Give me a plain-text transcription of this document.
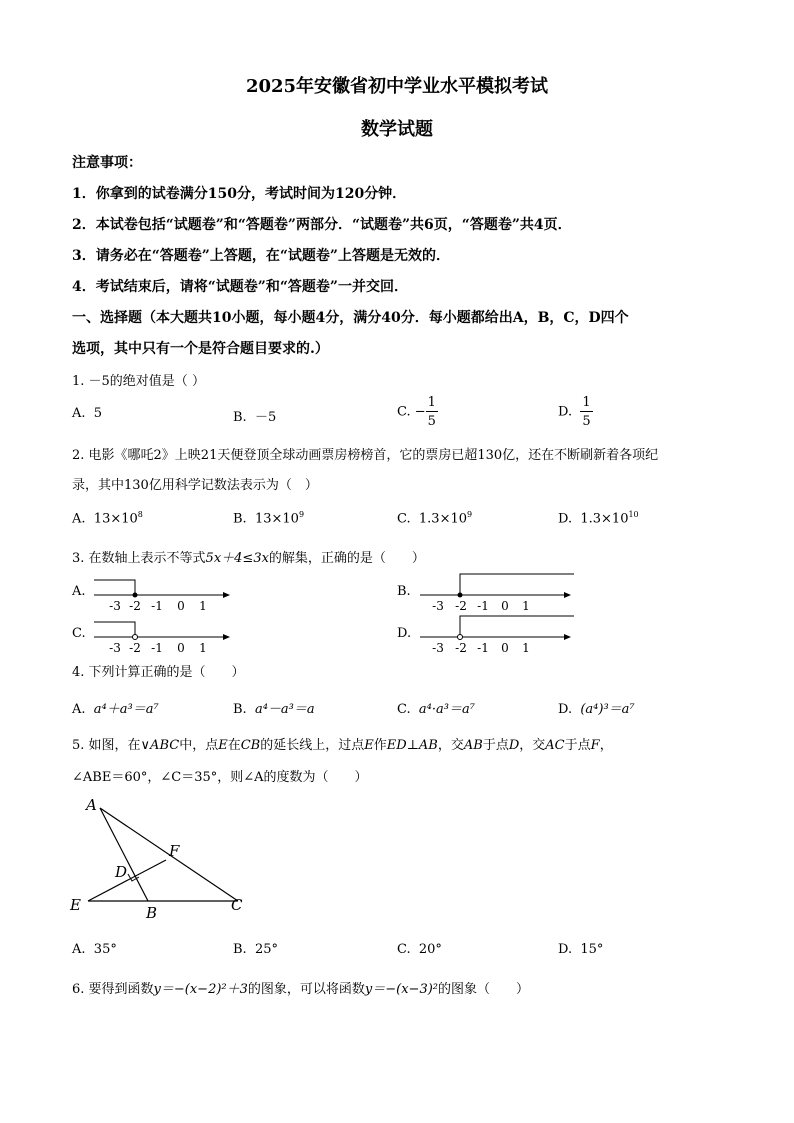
2025年安徽省初中学业水平模拟考试
数学试题
注意事项：
1．你拿到的试卷满分150分，考试时间为120分钟．
2．本试卷包括“试题卷”和“答题卷”两部分．“试题卷”共6页，“答题卷”共4页．
3．请务必在“答题卷”上答题，在“试题卷”上答题是无效的．
4．考试结束后，请将“试题卷”和“答题卷”一并交回．
一、选择题（本大题共10小题，每小题4分，满分40分．每小题都给出A，B，C，D四个
选项，其中只有一个是符合题目要求的.）
1. －5的绝对值是（ ）
A. 5	B. －5	C. − $\frac{1}{5}$	D. $\frac{1}{5}$
2. 电影《哪吒2》上映21天便登顶全球动画票房榜榜首，它的票房已超130亿，还在不断刷新着各项纪
录，其中130亿用科学记数法表示为（　）
A. $13\times 10^8$	B. $13\times 10^9$	C. $1.3\times 10^9$	D. $1.3\times 10^{10}$
3. 在数轴上表示不等式5x＋4≤3x的解集，正确的是（　　）
A.	B.
C.	D.
-3 -2 -1 0 1	-3 -2 -1 0 1
-3 -2 -1 0 1	-3 -2 -1 0 1
4. 下列计算正确的是（　　）
A. a⁴＋a³＝a⁷	B. a⁴－a³＝a	C. a⁴·a³＝a⁷	D. (a⁴)³＝a⁷
5. 如图，在∨ABC中，点E在CB的延长线上，过点E作ED⊥AB，交AB于点D，交AC于点F，
∠ABE＝60°，∠C＝35°，则∠A的度数为（　　）
A
F
D
E	B	C
A. 35°	B. 25°	C. 20°	D. 15°
6. 要得到函数y＝−(x−2)²＋3的图象，可以将函数y＝−(x−3)²的图象（　　）
